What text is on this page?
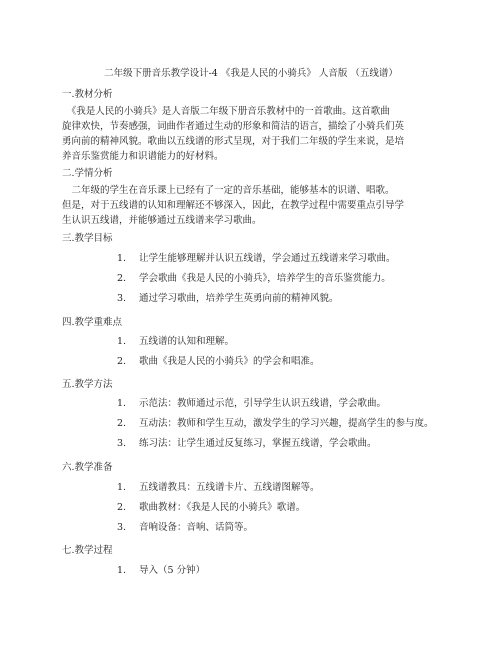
二年级下册音乐教学设计-4 《我是人民的小骑兵》 人音版 （五线谱）
一.教材分析
　《我是人民的小骑兵》是人音版二年级下册音乐教材中的一首歌曲。这首歌曲
旋律欢快，节奏感强，词曲作者通过生动的形象和简洁的语言，描绘了小骑兵们英
勇向前的精神风貌。歌曲以五线谱的形式呈现，对于我们二年级的学生来说，是培
养音乐鉴赏能力和识谱能力的好材料。
二.学情分析
　二年级的学生在音乐课上已经有了一定的音乐基础，能够基本的识谱、唱歌。
但是，对于五线谱的认知和理解还不够深入，因此，在教学过程中需要重点引导学
生认识五线谱，并能够通过五线谱来学习歌曲。
三.教学目标
1. 让学生能够理解并认识五线谱，学会通过五线谱来学习歌曲。
2. 学会歌曲《我是人民的小骑兵》，培养学生的音乐鉴赏能力。
3. 通过学习歌曲，培养学生英勇向前的精神风貌。
四.教学重难点
1. 五线谱的认知和理解。
2. 歌曲《我是人民的小骑兵》的学会和唱准。
五.教学方法
1. 示范法：教师通过示范，引导学生认识五线谱，学会歌曲。
2. 互动法：教师和学生互动，激发学生的学习兴趣，提高学生的参与度。
3. 练习法：让学生通过反复练习，掌握五线谱，学会歌曲。
六.教学准备
1. 五线谱教具：五线谱卡片、五线谱图解等。
2. 歌曲教材：《我是人民的小骑兵》歌谱。
3. 音响设备：音响、话筒等。
七.教学过程
1. 导入（5 分钟）
